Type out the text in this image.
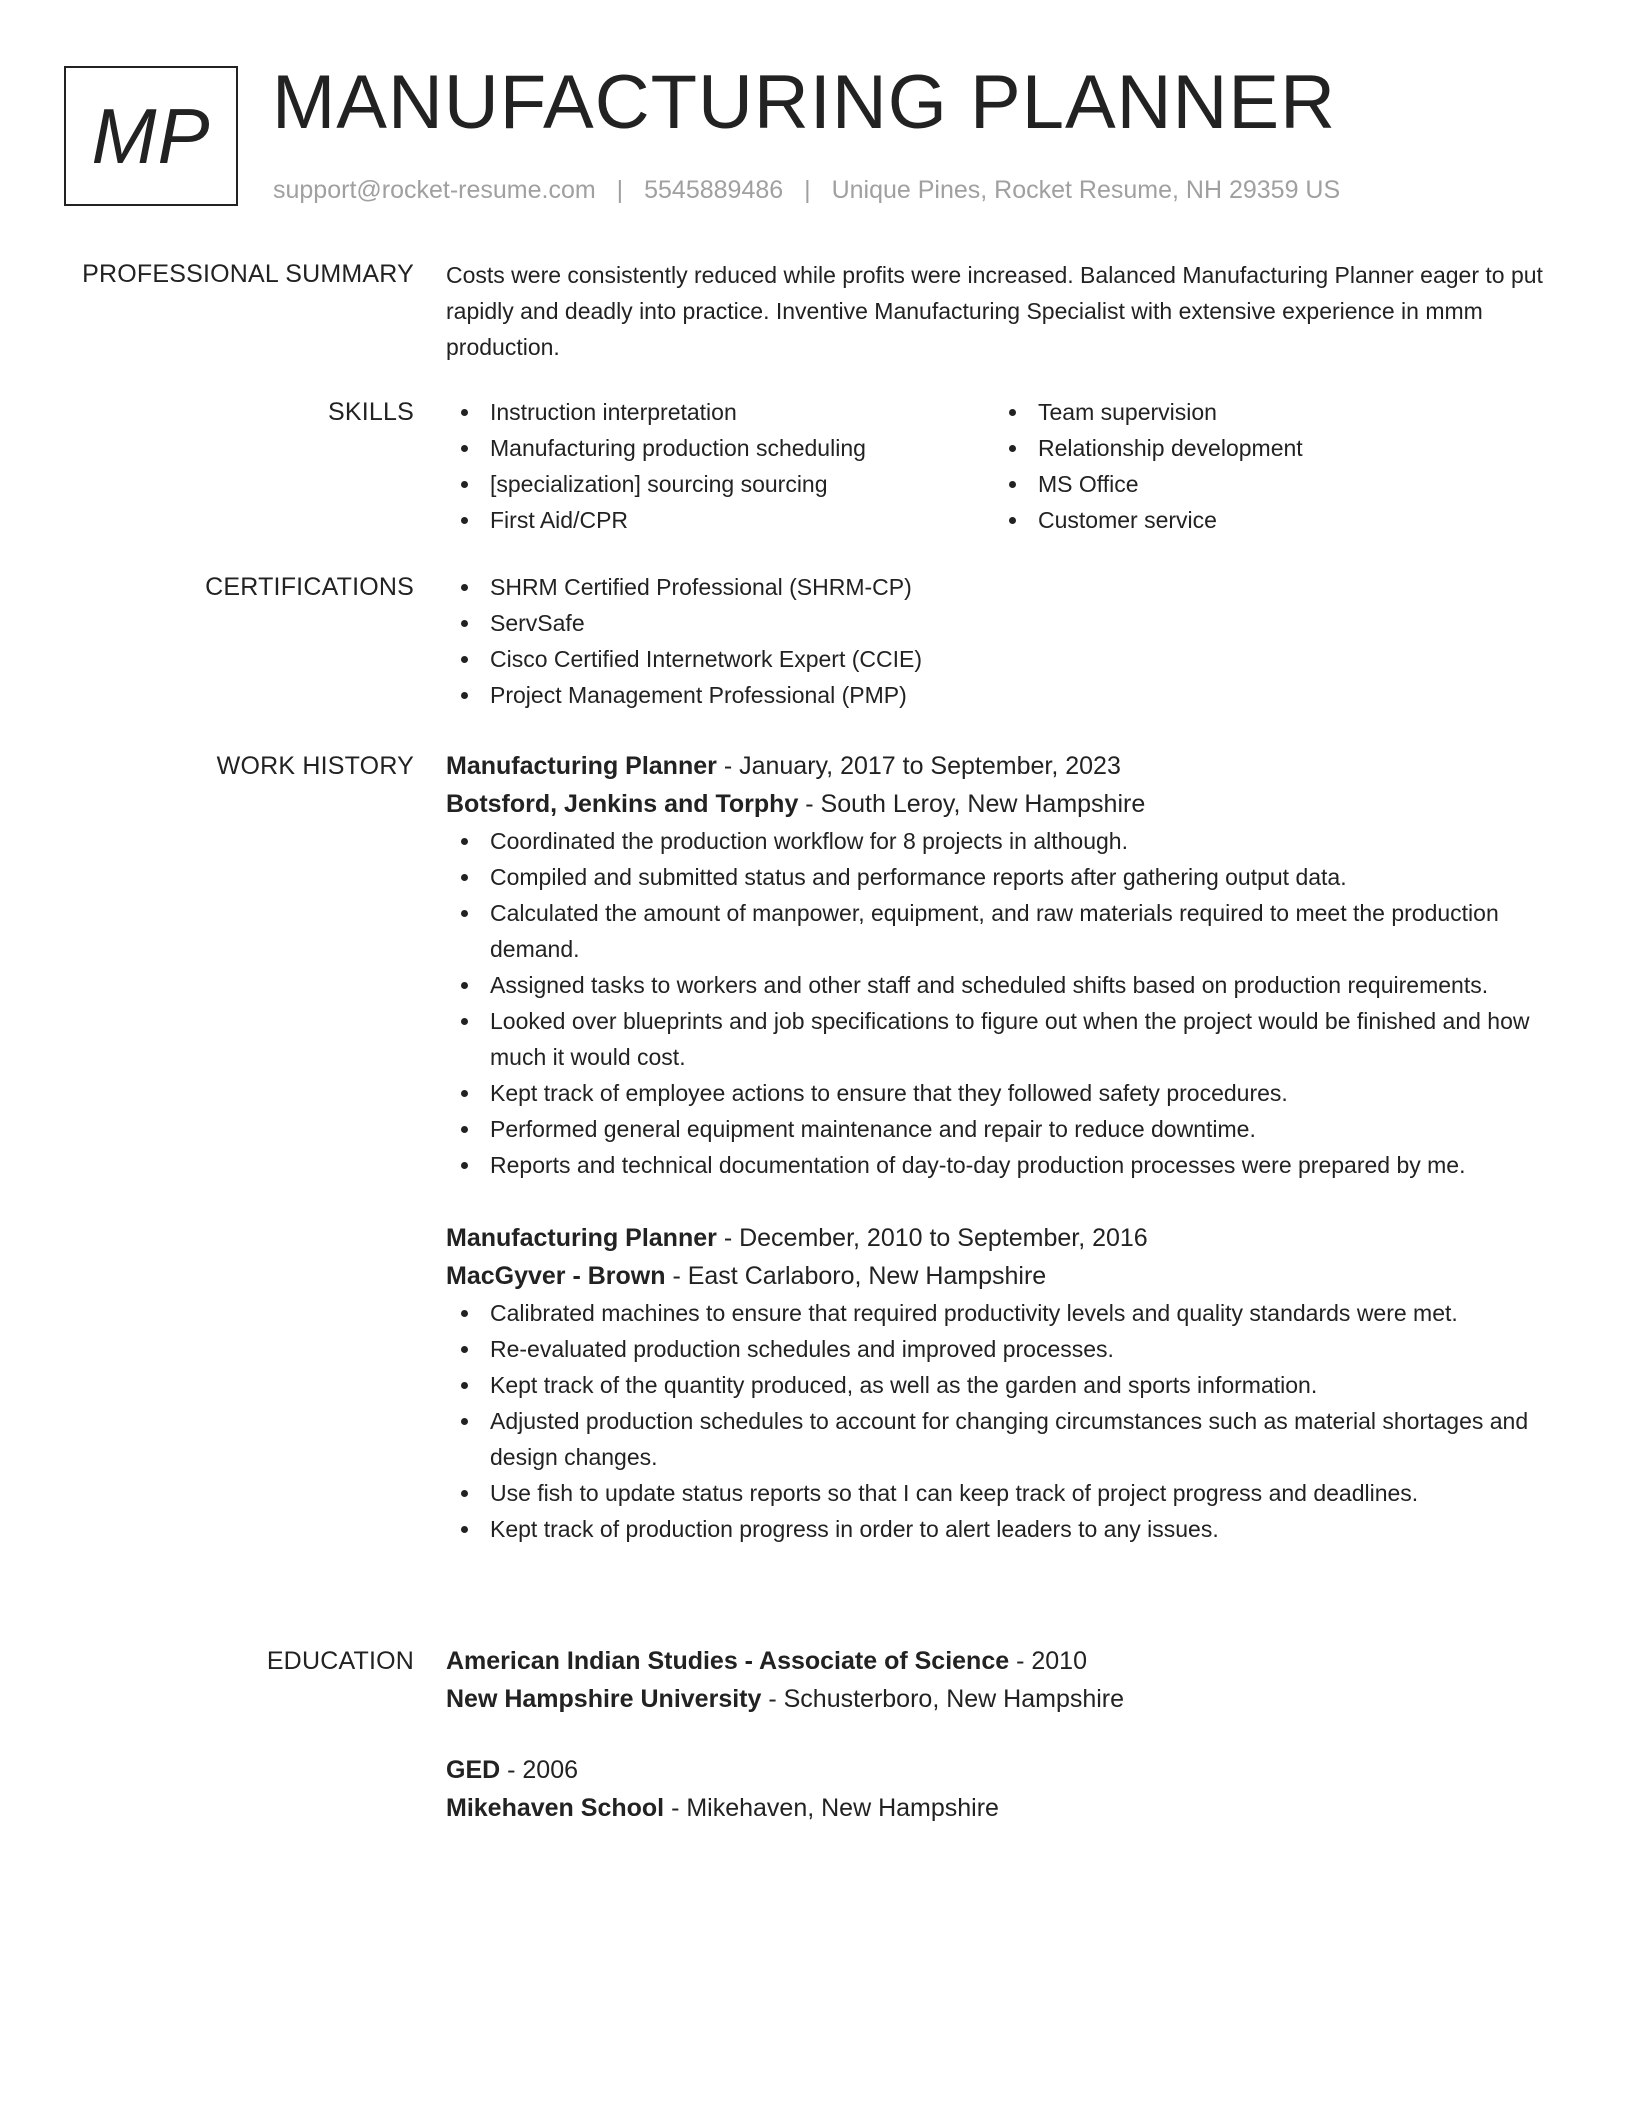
MP MANUFACTURING PLANNER
support@rocket-resume.com | 5545889486 | Unique Pines, Rocket Resume, NH 29359 US
PROFESSIONAL SUMMARY Costs were consistently reduced while profits were increased. Balanced Manufacturing Planner eager to put rapidly and deadly into practice. Inventive Manufacturing Specialist with extensive experience in mmm production.

SKILLS	Instruction interpretation
Manufacturing production scheduling
[specialization] sourcing sourcing
First Aid/CPR
Team supervision
Relationship development
MS Office
Customer service
CERTIFICATIONS	SHRM Certified Professional (SHRM-CP)
ServSafe
Cisco Certified Internetwork Expert (CCIE)
Project Management Professional (PMP)
WORK HISTORY Manufacturing Planner - January, 2017 to September, 2023
Botsford, Jenkins and Torphy - South Leroy, New Hampshire
Coordinated the production workflow for 8 projects in although.
Compiled and submitted status and performance reports after gathering output data.
Calculated the amount of manpower, equipment, and raw materials required to meet the production demand.
Assigned tasks to workers and other staff and scheduled shifts based on production requirements.
Looked over blueprints and job specifications to figure out when the project would be finished and how much it would cost.
Kept track of employee actions to ensure that they followed safety procedures.
Performed general equipment maintenance and repair to reduce downtime.
Reports and technical documentation of day-to-day production processes were prepared by me.
Manufacturing Planner - December, 2010 to September, 2016
MacGyver - Brown - East Carlaboro, New Hampshire
Calibrated machines to ensure that required productivity levels and quality standards were met.
Re-evaluated production schedules and improved processes.
Kept track of the quantity produced, as well as the garden and sports information.
Adjusted production schedules to account for changing circumstances such as material shortages and design changes.
Use fish to update status reports so that I can keep track of project progress and deadlines.
Kept track of production progress in order to alert leaders to any issues.
EDUCATION American Indian Studies - Associate of Science - 2010
New Hampshire University - Schusterboro, New Hampshire
GED - 2006
Mikehaven School - Mikehaven, New Hampshire
